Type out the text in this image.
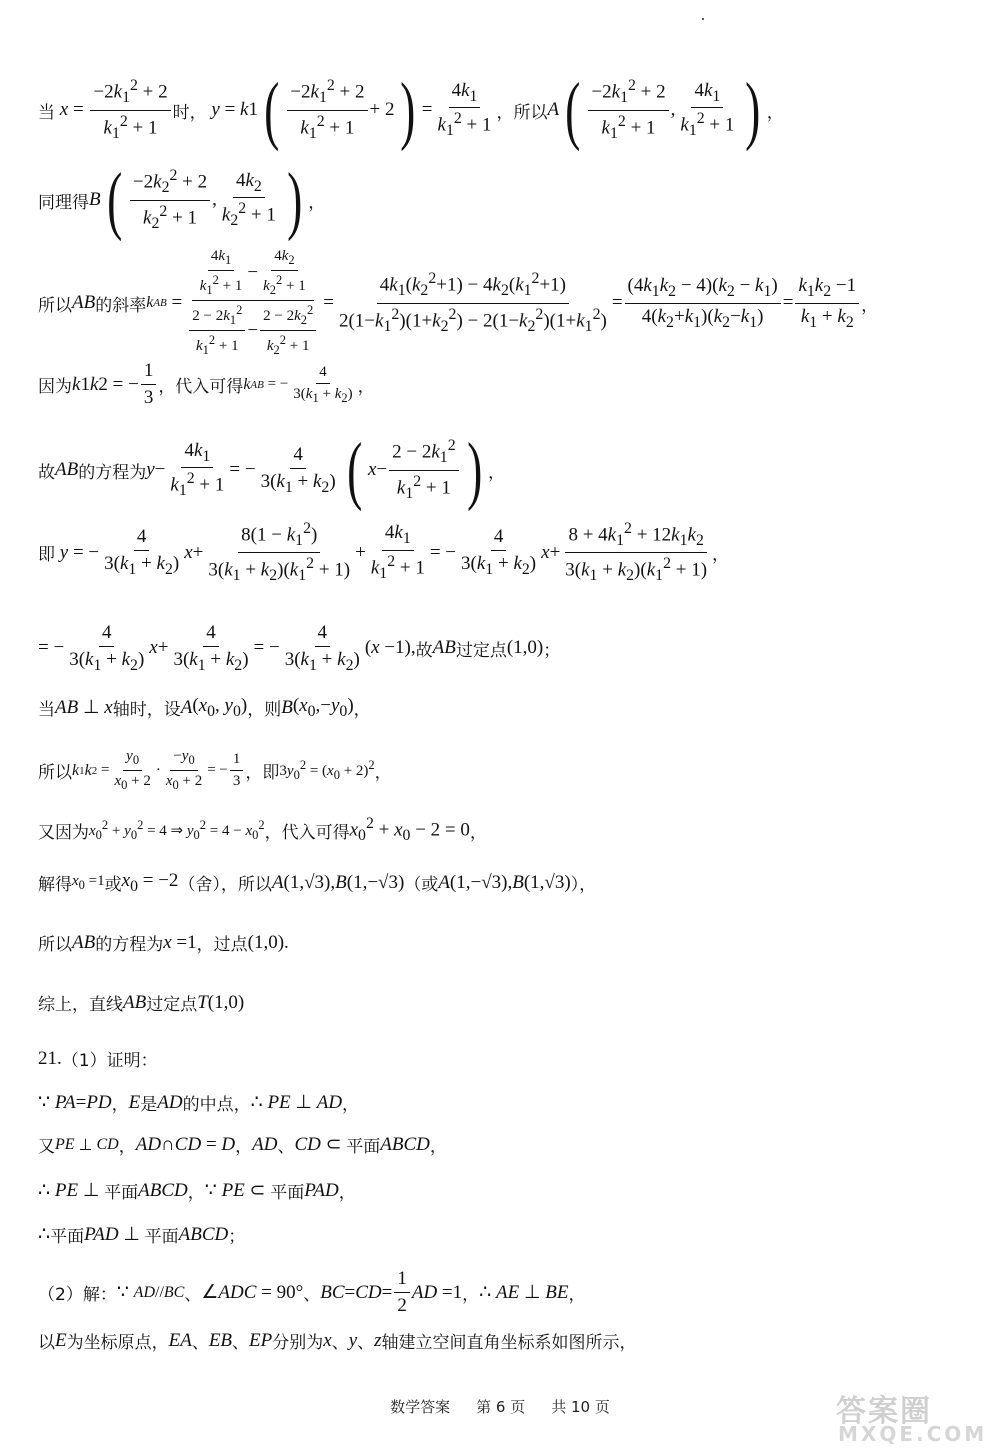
当 $x = \frac{-2k_1^2 + 2}{k_1^2 + 1}$ 时， y = k 1 ( $\frac{-2k_1^2 + 2}{k_1^2 + 1} + 2$ ) = $\frac{4k_1}{k_1^2 + 1}$ ，所以 A ( $\frac{-2k_1^2 + 2}{k_1^2 + 1}$ , $\frac{4k_1}{k_1^2 + 1}$ ) ，
同理得 B ( $\frac{-2k_2^2 + 2}{k_2^2 + 1}$ , $\frac{4k_2}{k_2^2 + 1}$ ) ，
所以 AB 的斜率 k AB = $\frac{\frac{4k_1}{k_1^2 + 1} - \frac{4k_2}{k_2^2 + 1}}{\frac{2 - 2k_1^2}{k_1^2 + 1} - \frac{2 - 2k_2^2}{k_2^2 + 1}} = \frac{4k_1(k_2^2+1) - 4k_2(k_1^2+1)}{2(1-k_1^2)(1+k_2^2) - 2(1-k_2^2)(1+k_1^2)} = \frac{(4k_1k_2 - 4)(k_2 - k_1)}{4(k_2+k_1)(k_2-k_1)} = \frac{k_1k_2 -1}{k_1 + k_2}$ ，
因为 k 1 k 2 = − $\frac{1}{3}$ ，代入可得 k AB = − $\frac{4}{3(k_1 + k_2)}$ ，
故 AB 的方程为 $y - \frac{4k_1}{k_1^2 + 1}$ = − $\frac{4}{3(k_1 + k_2)}$ ( $x - \frac{2 - 2k_1^2}{k_1^2 + 1}$ ) ，
即 y = − $\frac{4}{3(k_1 + k_2)}$ $x + \frac{8(1 - k_1^2)}{3(k_1 + k_2)(k_1^2 + 1)} + \frac{4k_1}{k_1^2 + 1}$ = − $\frac{4}{3(k_1 + k_2)}$ $x + \frac{8 + 4k_1^2 + 12k_1k_2}{3(k_1 + k_2)(k_1^2 + 1)}$ ，
= − $\frac{4}{3(k_1 + k_2)}$ $x + \frac{4}{3(k_1 + k_2)}$ = − $\frac{4}{3(k_1 + k_2)} (x -1)$, 故 AB 过定点 (1,0) ；
当 AB ⊥ x 轴时，设 A ($x_0$, $y_0$) ，则 B $(x_0,-y_0)$ ，
所以 k 1 k $2 = \frac{y_0}{x_0 + 2} \cdot \frac{-y_0}{x_0 + 2}$ = − $\frac{1}{3}$ ，即 $3y_0^2 = (x_0 + 2)^2$ ，
又因为 $x_0^2 + y_0^2 = 4$ ⇒ $y_0^2 = 4 - x_0^2$ ，代入可得 $x_0^2 + x_0 - 2 = 0$ ，
解得 $x_0 =1$ 或 $x_0 = -2$ （舍），所以 A (1,√3), B (1,−√3) （或 A (1,−√3), B (1,√3) ），
所以 AB 的方程为 x =1 ，过点 (1,0).
综上，直线 AB 过定点 T (1,0)
21. （1）证明：
∵ PA = PD ， E 是 AD 的中点， ∴ PE ⊥ AD ，
又 PE ⊥ CD ， AD ∩ CD = D ， AD 、 CD ⊂ 平面 ABCD ，
∴ PE ⊥ 平面 ABCD ， ∵ PE ⊂ 平面 PAD ，
∴ 平面 PAD ⊥ 平面 ABCD ；
（2）解： ∵ AD // BC 、 ∠ ADC = 90° 、 BC = CD = $\frac{1}{2}$ AD =1 ， ∴ AE ⊥ BE ，
以 E 为坐标原点， EA 、 EB 、 EP 分别为 x 、 y 、 z 轴建立空间直角坐标系如图所示，
数学答案 第 6 页 共 10 页	答案圈
MXQE.COM
